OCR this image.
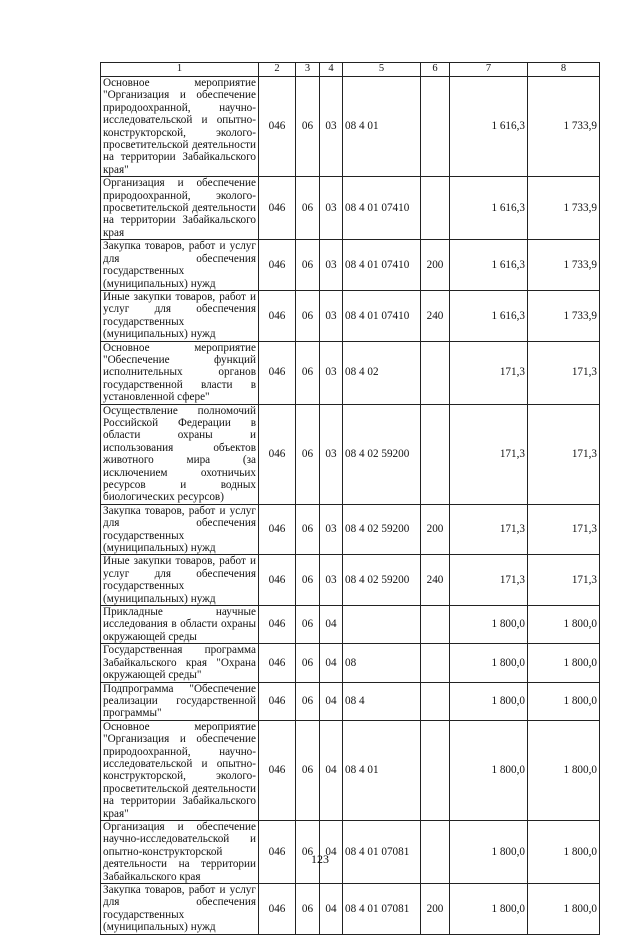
1	2	3	4	5	6	7	8
Основное мероприятие "Организация и обеспечение природоохранной, научно-исследовательской и опытно-конструкторской, эколого-просветительской деятельности на территории Забайкальского края"	046	06	03	08 4 01		1 616,3	1 733,9
Организация и обеспечение природоохранной, эколого-просветительской деятельности на территории Забайкальского края	046	06	03	08 4 01 07410		1 616,3	1 733,9
Закупка товаров, работ и услуг для обеспечения государственных (муниципальных) нужд	046	06	03	08 4 01 07410	200	1 616,3	1 733,9
Иные закупки товаров, работ и услуг для обеспечения государственных (муниципальных) нужд	046	06	03	08 4 01 07410	240	1 616,3	1 733,9
Основное мероприятие "Обеспечение функций исполнительных органов государственной власти в установленной сфере"	046	06	03	08 4 02		171,3	171,3
Осуществление полномочий Российской Федерации в области охраны и использования объектов животного мира (за исключением охотничьих ресурсов и водных биологических ресурсов)	046	06	03	08 4 02 59200		171,3	171,3
Закупка товаров, работ и услуг для обеспечения государственных (муниципальных) нужд	046	06	03	08 4 02 59200	200	171,3	171,3
Иные закупки товаров, работ и услуг для обеспечения государственных (муниципальных) нужд	046	06	03	08 4 02 59200	240	171,3	171,3
Прикладные научные исследования в области охраны окружающей среды	046	06	04			1 800,0	1 800,0
Государственная программа Забайкальского края "Охрана окружающей среды"	046	06	04	08		1 800,0	1 800,0
Подпрограмма "Обеспечение реализации государственной программы"	046	06	04	08 4		1 800,0	1 800,0
Основное мероприятие "Организация и обеспечение природоохранной, научно-исследовательской и опытно-конструкторской, эколого-просветительской деятельности на территории Забайкальского края"	046	06	04	08 4 01		1 800,0	1 800,0
Организация и обеспечение научно-исследовательской и опытно-конструкторской деятельности на территории Забайкальского края	046	06	04	08 4 01 07081		1 800,0	1 800,0
Закупка товаров, работ и услуг для обеспечения государственных (муниципальных) нужд	046	06	04	08 4 01 07081	200	1 800,0	1 800,0
123
